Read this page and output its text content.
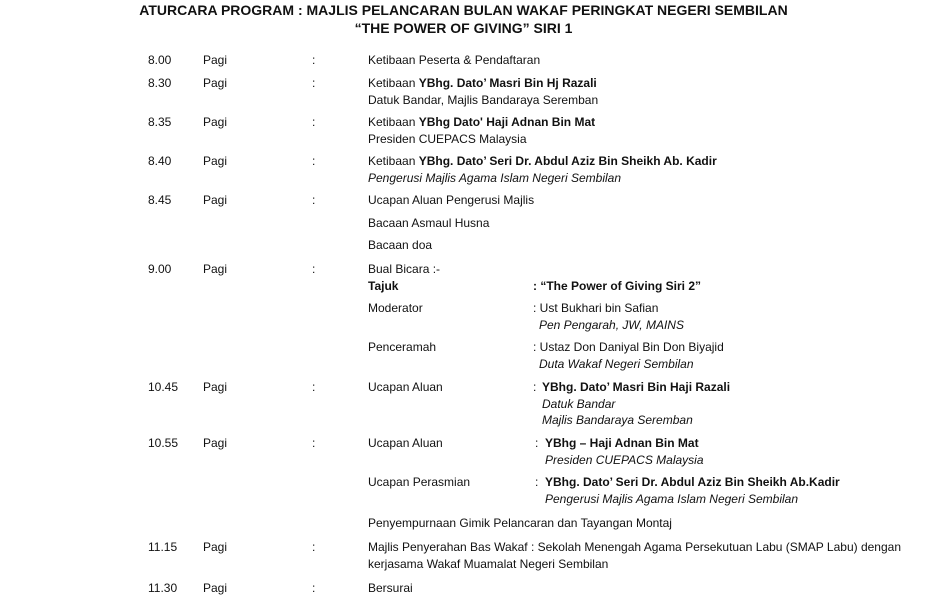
ATURCARA PROGRAM : MAJLIS PELANCARAN BULAN WAKAF PERINGKAT NEGERI SEMBILAN
“THE POWER OF GIVING” SIRI 1
8.00	Pagi	:	Ketibaan Peserta & Pendaftaran
8.30	Pagi	:	Ketibaan YBhg. Dato’ Masri Bin Hj Razali
Datuk Bandar, Majlis Bandaraya Seremban
8.35	Pagi	:	Ketibaan YBhg Dato' Haji Adnan Bin Mat
Presiden CUEPACS Malaysia
8.40	Pagi	:	Ketibaan YBhg. Dato’ Seri Dr. Abdul Aziz Bin Sheikh Ab. Kadir
Pengerusi Majlis Agama Islam Negeri Sembilan
8.45	Pagi	:	Ucapan Aluan Pengerusi Majlis
Bacaan Asmaul Husna
Bacaan doa
9.00	Pagi	:	Bual Bicara :-
Tajuk	: “The Power of Giving Siri 2”
Moderator	: Ust Bukhari bin Safian
Pen Pengarah, JW, MAINS
Penceramah	: Ustaz Don Daniyal Bin Don Biyajid
Duta Wakaf Negeri Sembilan
10.45 Pagi	:	Ucapan Aluan	: YBhg. Dato’ Masri Bin Haji Razali
Datuk Bandar
Majlis Bandaraya Seremban
10.55 Pagi	:	Ucapan Aluan	: YBhg – Haji Adnan Bin Mat
Presiden CUEPACS Malaysia
Ucapan Perasmian	: YBhg. Dato’ Seri Dr. Abdul Aziz Bin Sheikh Ab.Kadir
Pengerusi Majlis Agama Islam Negeri Sembilan
Penyempurnaan Gimik Pelancaran dan Tayangan Montaj
11.15 Pagi	:	Majlis Penyerahan Bas Wakaf : Sekolah Menengah Agama Persekutuan Labu (SMAP Labu) dengan kerjasama Wakaf Muamalat Negeri Sembilan
11.30 Pagi	:	Bersurai
